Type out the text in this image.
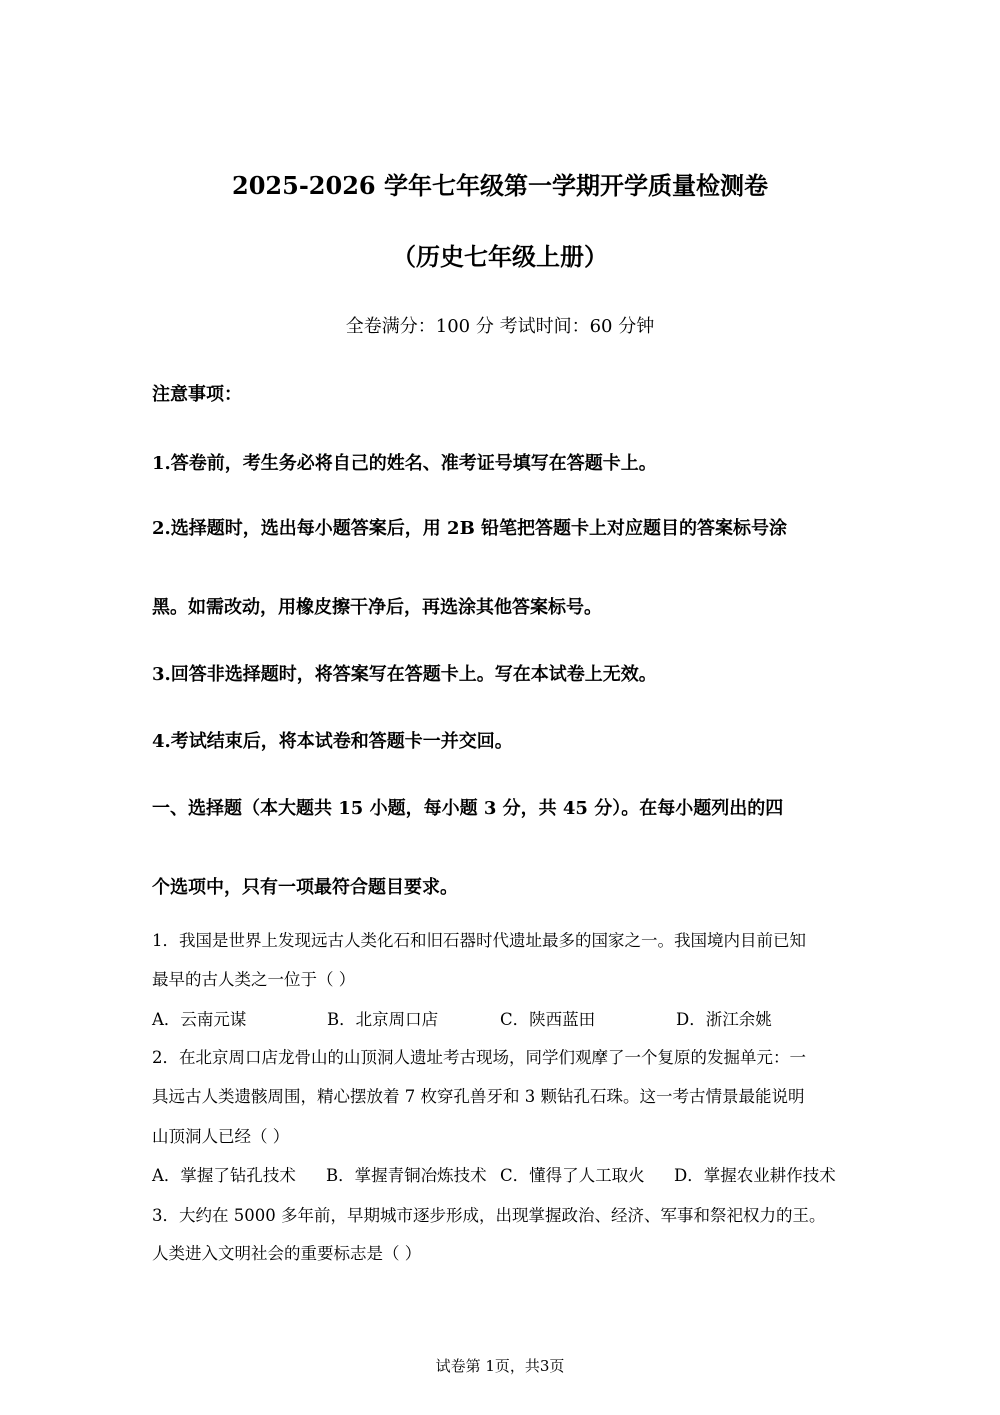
2025-2026 学年七年级第一学期开学质量检测卷
（历史七年级上册）
全卷满分：100 分 考试时间：60 分钟
注意事项：
1.答卷前，考生务必将自己的姓名、准考证号填写在答题卡上。
2.选择题时，选出每小题答案后，用 2B 铅笔把答题卡上对应题目的答案标号涂
黑。如需改动，用橡皮擦干净后，再选涂其他答案标号。
3.回答非选择题时，将答案写在答题卡上。写在本试卷上无效。
4.考试结束后，将本试卷和答题卡一并交回。
一、选择题（本大题共 15 小题，每小题 3 分，共 45 分）。在每小题列出的四
个选项中，只有一项最符合题目要求。
1．我国是世界上发现远古人类化石和旧石器时代遗址最多的国家之一。我国境内目前已知
最早的古人类之一位于（ ）
A．云南元谋	B．北京周口店	C．陕西蓝田	D．浙江余姚
2．在北京周口店龙骨山的山顶洞人遗址考古现场，同学们观摩了一个复原的发掘单元：一
具远古人类遗骸周围，精心摆放着 7 枚穿孔兽牙和 3 颗钻孔石珠。这一考古情景最能说明
山顶洞人已经（ ）
A．掌握了钻孔技术 B．掌握青铜冶炼技术 C．懂得了人工取火 D．掌握农业耕作技术
3．大约在 5000 多年前，早期城市逐步形成，出现掌握政治、经济、军事和祭祀权力的王。
人类进入文明社会的重要标志是（ ）
试卷第 1页，共3页
